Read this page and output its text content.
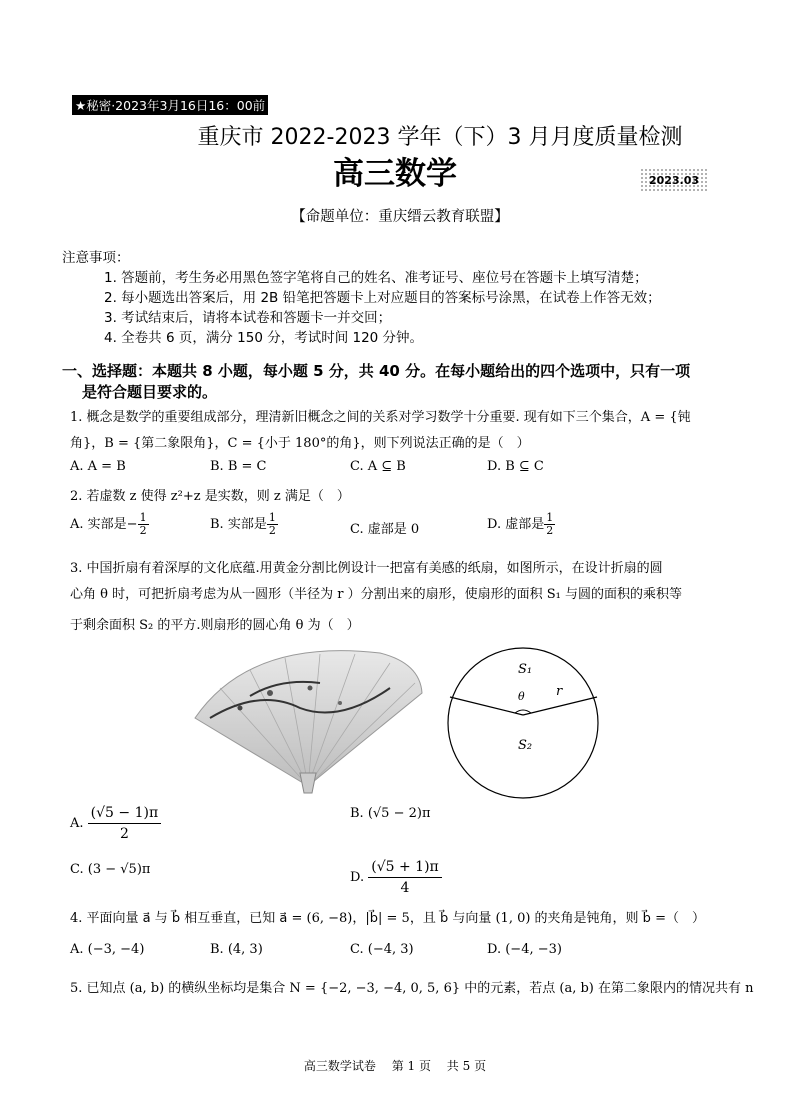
★秘密·2023年3月16日16：00前
重庆市 2022-2023 学年（下）3 月月度质量检测
高三数学	2023.03
【命题单位：重庆缙云教育联盟】
注意事项：
1. 答题前，考生务必用黑色签字笔将自己的姓名、准考证号、座位号在答题卡上填写清楚；
2. 每小题选出答案后，用 2B 铅笔把答题卡上对应题目的答案标号涂黑，在试卷上作答无效；
3. 考试结束后，请将本试卷和答题卡一并交回；
4. 全卷共 6 页，满分 150 分，考试时间 120 分钟。
一、选择题：本题共 8 小题，每小题 5 分，共 40 分。在每小题给出的四个选项中，只有一项
是符合题目要求的。
1. 概念是数学的重要组成部分，理清新旧概念之间的关系对学习数学十分重要. 现有如下三个集合，A = {钝
角}，B = {第二象限角}，C = {小于 180°的角}，则下列说法正确的是（　）
A. A = B	B. B = C	C. A ⊆ B	D. B ⊆ C
2. 若虚数 z 使得 z²+z 是实数，则 z 满足（　）
A. 实部是− $\frac{1}{2}$	B. 实部是 $\frac{1}{2}$	C. 虚部是 0	D. 虚部是 $\frac{1}{2}$
3. 中国折扇有着深厚的文化底蕴.用黄金分割比例设计一把富有美感的纸扇，如图所示，在设计折扇的圆
心角 θ 时，可把折扇考虑为从一圆形（半径为 r ）分割出来的扇形，使扇形的面积 S₁ 与圆的面积的乘积等
于剩余面积 S₂ 的平方.则扇形的圆心角 θ 为（　）
S₁
θ r
S₂
A. $\frac{(√5 - 1)\pi}{2}$	B. (√5 − 2)π
C. (3 − √5)π
D. $\frac{(√5 + 1)\pi}{4}$
4. 平面向量 a⃗ 与 b⃗ 相互垂直，已知 a⃗ = (6, −8)，|b⃗| = 5，且 b⃗ 与向量 (1, 0) 的夹角是钝角，则 b⃗ =（　）
A. (−3, −4)	B. (4, 3)	C. (−4, 3)	D. (−4, −3)
5. 已知点 (a, b) 的横纵坐标均是集合 N = {−2, −3, −4, 0, 5, 6} 中的元素，若点 (a, b) 在第二象限内的情况共有 n
高三数学试卷　 第 1 页　 共 5 页
